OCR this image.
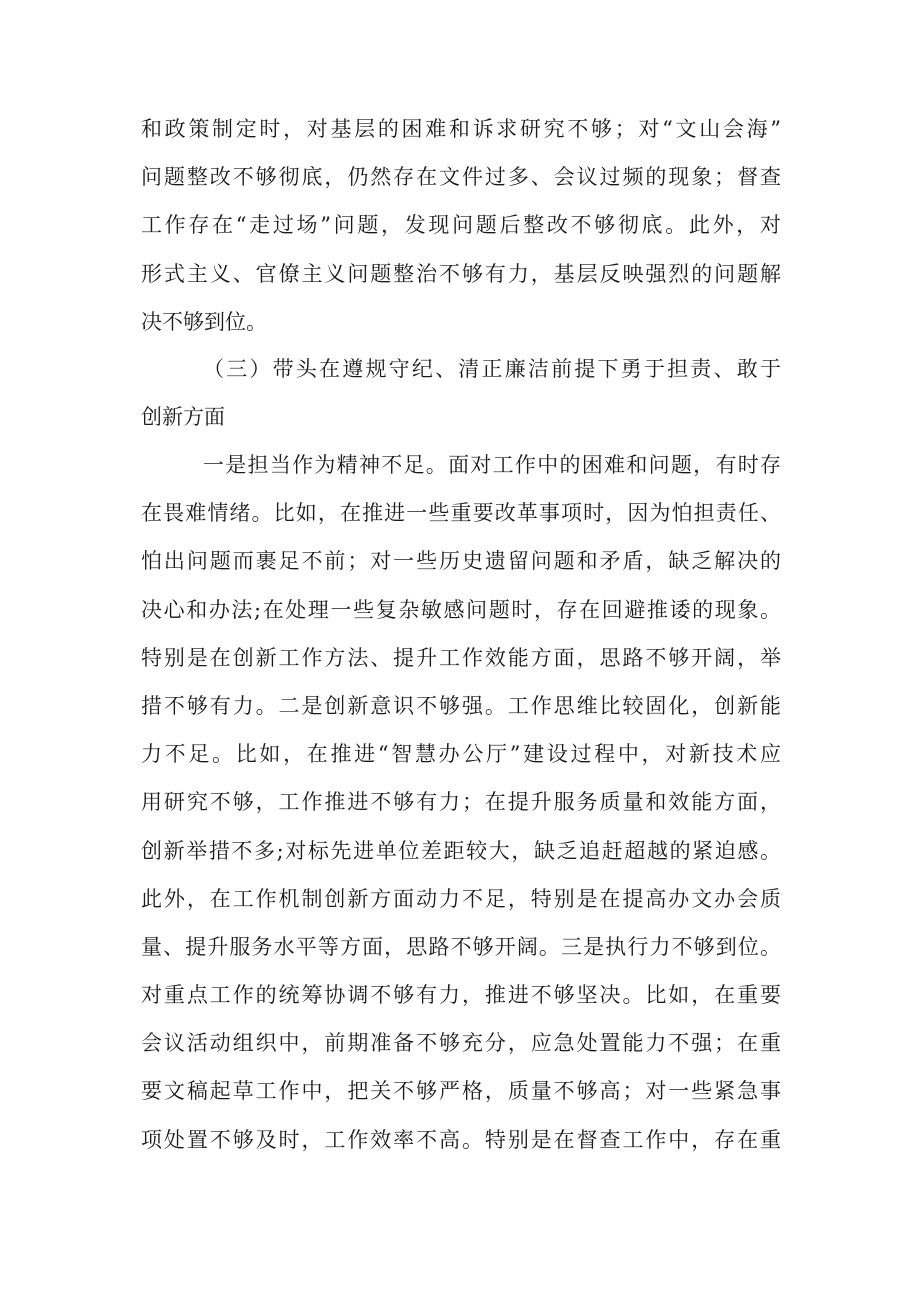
和政策制定时，对基层的困难和诉求研究不够；对“文山会海”
问题整改不够彻底，仍然存在文件过多、会议过频的现象；督查
工作存在“走过场”问题，发现问题后整改不够彻底。此外，对
形式主义、官僚主义问题整治不够有力，基层反映强烈的问题解
决不够到位。
（三）带头在遵规守纪、清正廉洁前提下勇于担责、敢于
创新方面
一是担当作为精神不足。面对工作中的困难和问题，有时存
在畏难情绪。比如，在推进一些重要改革事项时，因为怕担责任、
怕出问题而裹足不前；对一些历史遗留问题和矛盾，缺乏解决的
决心和办法;在处理一些复杂敏感问题时，存在回避推诿的现象。
特别是在创新工作方法、提升工作效能方面，思路不够开阔，举
措不够有力。二是创新意识不够强。工作思维比较固化，创新能
力不足。比如，在推进“智慧办公厅”建设过程中，对新技术应
用研究不够，工作推进不够有力；在提升服务质量和效能方面，
创新举措不多;对标先进单位差距较大，缺乏追赶超越的紧迫感。
此外，在工作机制创新方面动力不足，特别是在提高办文办会质
量、提升服务水平等方面，思路不够开阔。三是执行力不够到位。
对重点工作的统筹协调不够有力，推进不够坚决。比如，在重要
会议活动组织中，前期准备不够充分，应急处置能力不强；在重
要文稿起草工作中，把关不够严格，质量不够高；对一些紧急事
项处置不够及时，工作效率不高。特别是在督查工作中，存在重
